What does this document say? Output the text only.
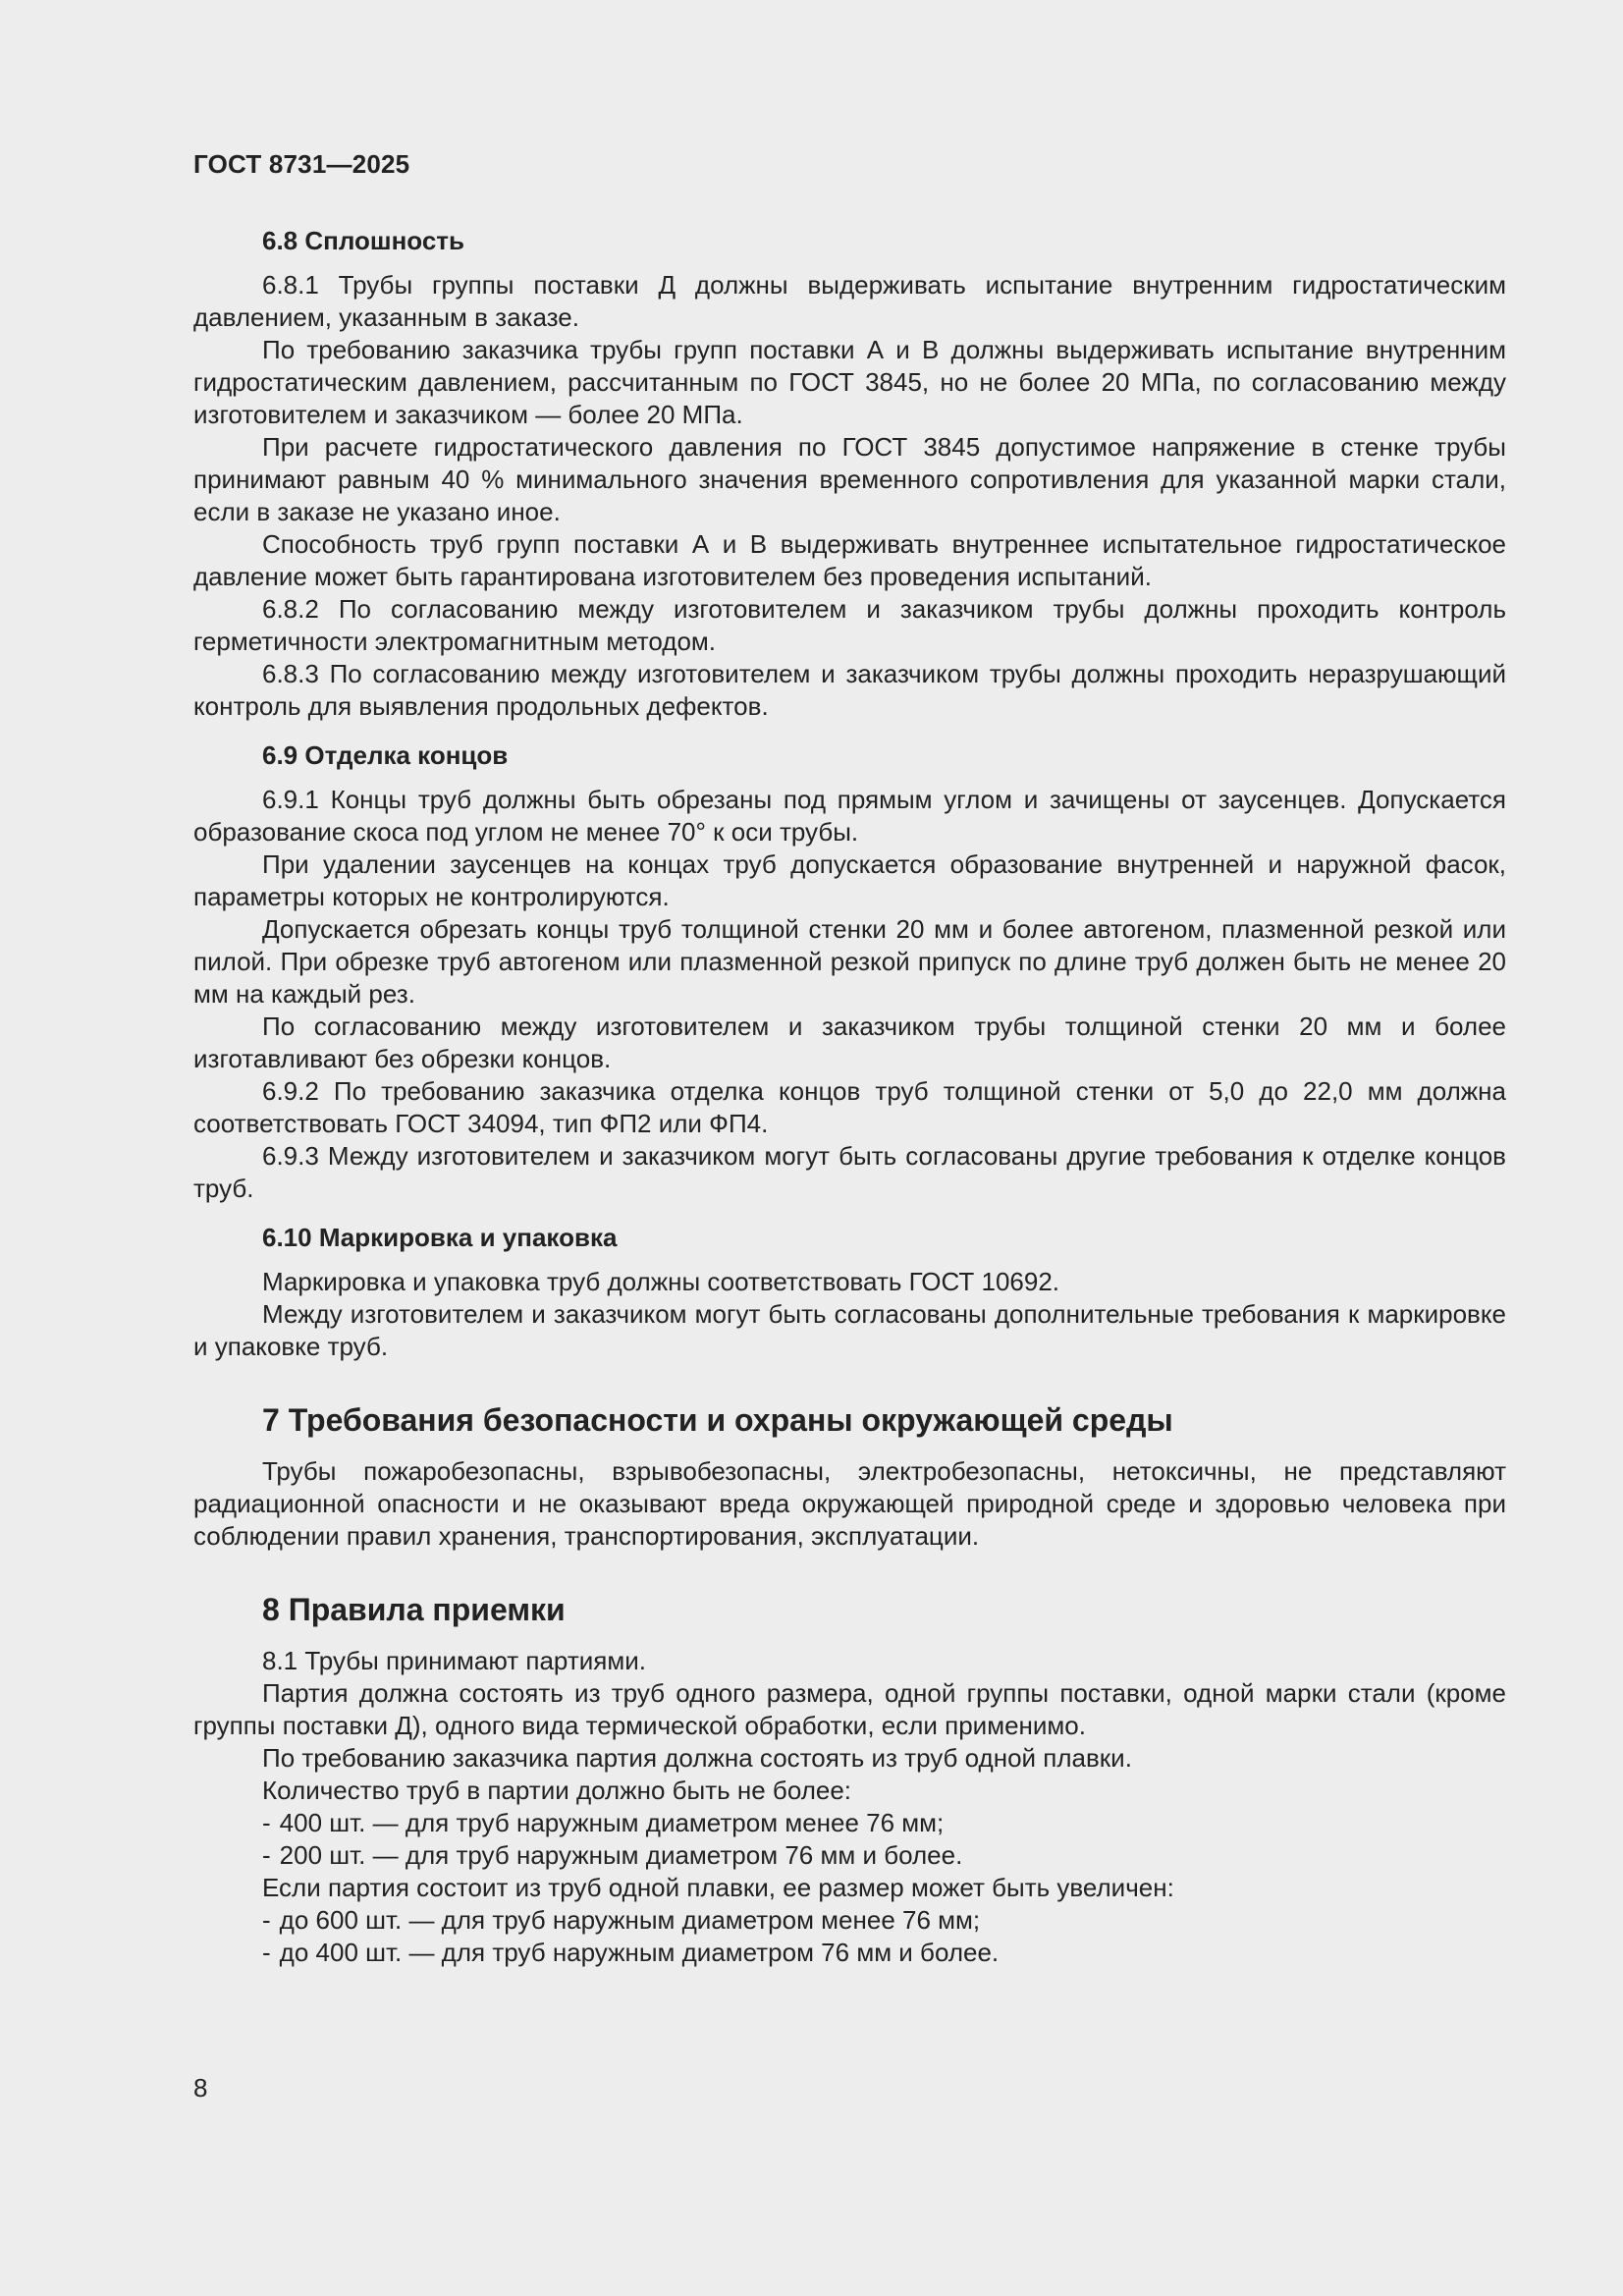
ГОСТ 8731—2025
6.8 Сплошность

6.8.1 Трубы группы поставки Д должны выдерживать испытание внутренним гидростатическим давлением, указанным в заказе.

По требованию заказчика трубы групп поставки А и В должны выдерживать испытание внутренним гидростатическим давлением, рассчитанным по ГОСТ 3845, но не более 20 МПа, по согласованию между изготовителем и заказчиком — более 20 МПа.

При расчете гидростатического давления по ГОСТ 3845 допустимое напряжение в стенке трубы принимают равным 40 % минимального значения временного сопротивления для указанной марки стали, если в заказе не указано иное.

Способность труб групп поставки А и В выдерживать внутреннее испытательное гидростатическое давление может быть гарантирована изготовителем без проведения испытаний.

6.8.2 По согласованию между изготовителем и заказчиком трубы должны проходить контроль герметичности электромагнитным методом.

6.8.3 По согласованию между изготовителем и заказчиком трубы должны проходить неразрушающий контроль для выявления продольных дефектов.

6.9 Отделка концов

6.9.1 Концы труб должны быть обрезаны под прямым углом и зачищены от заусенцев. Допускается образование скоса под углом не менее 70° к оси трубы.

При удалении заусенцев на концах труб допускается образование внутренней и наружной фасок, параметры которых не контролируются.

Допускается обрезать концы труб толщиной стенки 20 мм и более автогеном, плазменной резкой или пилой. При обрезке труб автогеном или плазменной резкой припуск по длине труб должен быть не менее 20 мм на каждый рез.

По согласованию между изготовителем и заказчиком трубы толщиной стенки 20 мм и более изготавливают без обрезки концов.

6.9.2 По требованию заказчика отделка концов труб толщиной стенки от 5,0 до 22,0 мм должна соответствовать ГОСТ 34094, тип ФП2 или ФП4.

6.9.3 Между изготовителем и заказчиком могут быть согласованы другие требования к отделке концов труб.

6.10 Маркировка и упаковка

Маркировка и упаковка труб должны соответствовать ГОСТ 10692.

Между изготовителем и заказчиком могут быть согласованы дополнительные требования к маркировке и упаковке труб.

7 Требования безопасности и охраны окружающей среды

Трубы пожаробезопасны, взрывобезопасны, электробезопасны, нетоксичны, не представляют радиационной опасности и не оказывают вреда окружающей природной среде и здоровью человека при соблюдении правил хранения, транспортирования, эксплуатации.

8 Правила приемки

8.1 Трубы принимают партиями.

Партия должна состоять из труб одного размера, одной группы поставки, одной марки стали (кроме группы поставки Д), одного вида термической обработки, если применимо.

По требованию заказчика партия должна состоять из труб одной плавки.

Количество труб в партии должно быть не более:

- 400 шт. — для труб наружным диаметром менее 76 мм;

- 200 шт. — для труб наружным диаметром 76 мм и более.

Если партия состоит из труб одной плавки, ее размер может быть увеличен:

- до 600 шт. — для труб наружным диаметром менее 76 мм;

- до 400 шт. — для труб наружным диаметром 76 мм и более.

8
